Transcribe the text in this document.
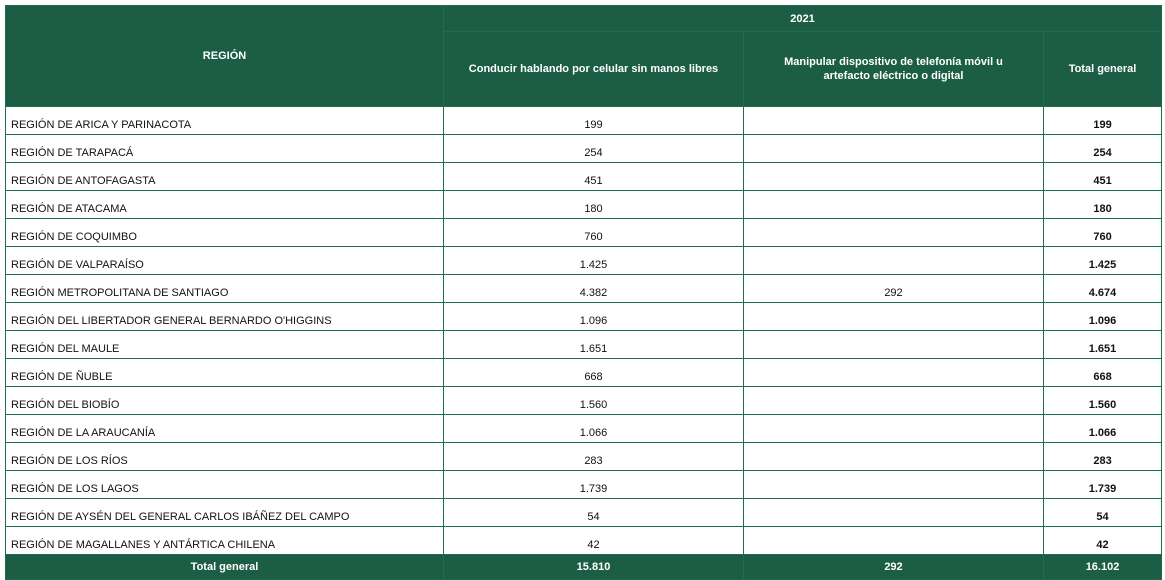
REGIÓN	2021		
	Conducir hablando por celular sin manos libres	Manipular dispositivo de telefonía móvil u artefacto eléctrico o digital	Total general
REGIÓN DE ARICA Y PARINACOTA	199		199
REGIÓN DE TARAPACÁ	254		254
REGIÓN DE ANTOFAGASTA	451		451
REGIÓN DE ATACAMA	180		180
REGIÓN DE COQUIMBO	760		760
REGIÓN DE VALPARAÍSO	1.425		1.425
REGIÓN METROPOLITANA DE SANTIAGO	4.382	292	4.674
REGIÓN DEL LIBERTADOR GENERAL BERNARDO O'HIGGINS	1.096		1.096
REGIÓN DEL MAULE	1.651		1.651
REGIÓN DE ÑUBLE	668		668
REGIÓN DEL BIOBÍO	1.560		1.560
REGIÓN DE LA ARAUCANÍA	1.066		1.066
REGIÓN DE LOS RÍOS	283		283
REGIÓN DE LOS LAGOS	1.739		1.739
REGIÓN DE AYSÉN DEL GENERAL CARLOS IBÁÑEZ DEL CAMPO	54		54
REGIÓN DE MAGALLANES Y ANTÁRTICA CHILENA	42		42
Total general	15.810	292	16.102
